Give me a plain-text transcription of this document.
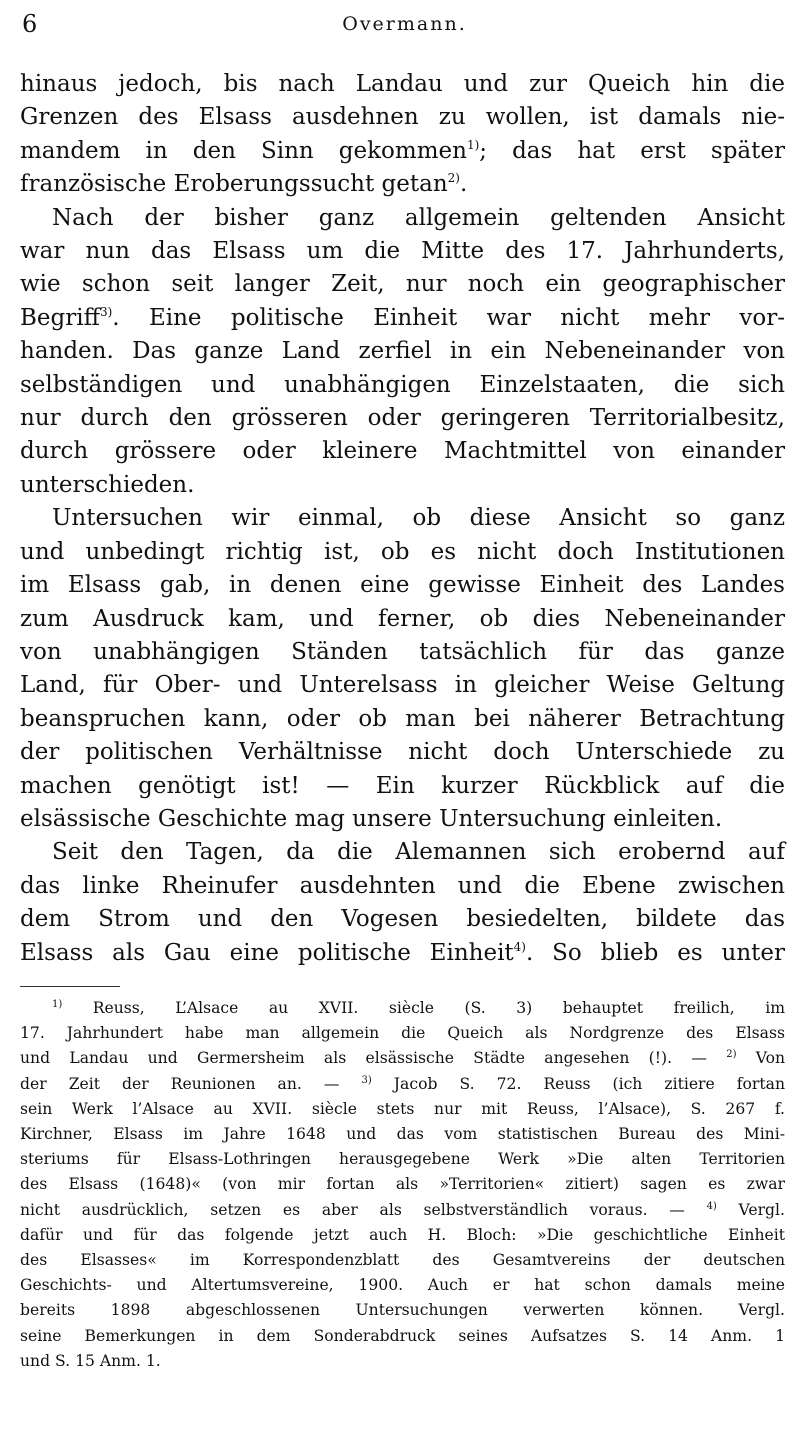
6	Overmann.
hinaus jedoch, bis nach Landau und zur Queich hin die
Grenzen des Elsass ausdehnen zu wollen, ist damals nie-
mandem in den Sinn gekommen$^{1)}$; das hat erst später
französische Eroberungssucht getan$^{2)}$.
Nach der bisher ganz allgemein geltenden Ansicht
war nun das Elsass um die Mitte des 17. Jahrhunderts,
wie schon seit langer Zeit, nur noch ein geographischer
Begriff$^{3)}$. Eine politische Einheit war nicht mehr vor-
handen. Das ganze Land zerfiel in ein Nebeneinander von
selbständigen und unabhängigen Einzelstaaten, die sich
nur durch den grösseren oder geringeren Territorialbesitz,
durch grössere oder kleinere Machtmittel von einander
unterschieden.
Untersuchen wir einmal, ob diese Ansicht so ganz
und unbedingt richtig ist, ob es nicht doch Institutionen
im Elsass gab, in denen eine gewisse Einheit des Landes
zum Ausdruck kam, und ferner, ob dies Nebeneinander
von unabhängigen Ständen tatsächlich für das ganze
Land, für Ober- und Unterelsass in gleicher Weise Geltung
beanspruchen kann, oder ob man bei näherer Betrachtung
der politischen Verhältnisse nicht doch Unterschiede zu
machen genötigt ist! — Ein kurzer Rückblick auf die
elsässische Geschichte mag unsere Untersuchung einleiten.
Seit den Tagen, da die Alemannen sich erobernd auf
das linke Rheinufer ausdehnten und die Ebene zwischen
dem Strom und den Vogesen besiedelten, bildete das
Elsass als Gau eine politische Einheit$^{4)}$. So blieb es unter
$^{1)}$ Reuss, L’Alsace au XVII. siècle (S. 3) behauptet freilich, im
17. Jahrhundert habe man allgemein die Queich als Nordgrenze des Elsass
und Landau und Germersheim als elsässische Städte angesehen (!). — $^{2)}$ Von
der Zeit der Reunionen an. — $^{3)}$ Jacob S. 72. Reuss (ich zitiere fortan
sein Werk l’Alsace au XVII. siècle stets nur mit Reuss, l’Alsace), S. 267 f.
Kirchner, Elsass im Jahre 1648 und das vom statistischen Bureau des Mini-
steriums für Elsass-Lothringen herausgegebene Werk »Die alten Territorien
des Elsass (1648)« (von mir fortan als »Territorien« zitiert) sagen es zwar
nicht ausdrücklich, setzen es aber als selbstverständlich voraus. — $^{4)}$ Vergl.
dafür und für das folgende jetzt auch H. Bloch: »Die geschichtliche Einheit
des Elsasses« im Korrespondenzblatt des Gesamtvereins der deutschen
Geschichts- und Altertumsvereine, 1900. Auch er hat schon damals meine
bereits 1898 abgeschlossenen Untersuchungen verwerten können. Vergl.
seine Bemerkungen in dem Sonderabdruck seines Aufsatzes S. 14 Anm. 1
und S. 15 Anm. 1.
